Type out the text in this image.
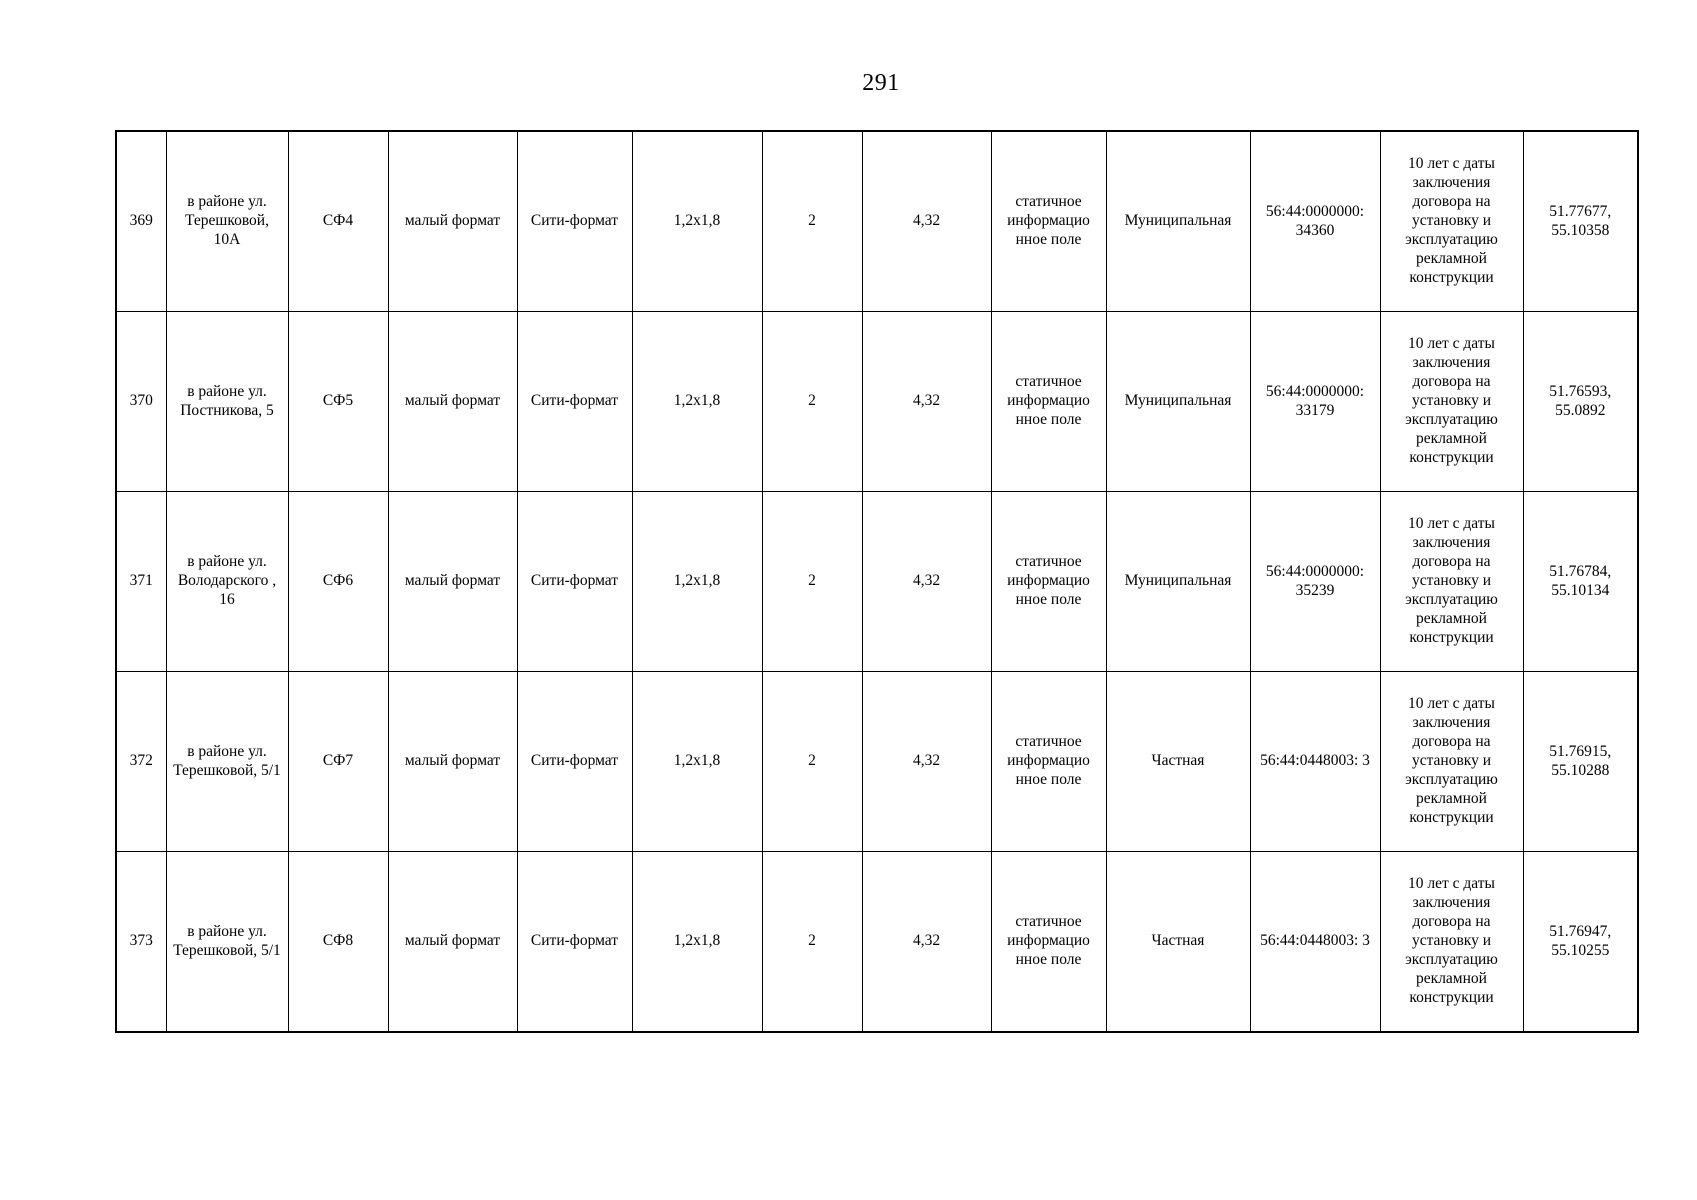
291
369	в районе ул. Терешковой, 10А	СФ4	малый формат	Сити-формат	1,2х1,8	2	4,32	статичное информацио нное поле	Муниципальная	56:44:0000000: 34360	10 лет с даты заключения договора на установку и эксплуатацию рекламной конструкции	51.77677, 55.10358
370	в районе ул. Постникова, 5	СФ5	малый формат	Сити-формат	1,2х1,8	2	4,32	статичное информацио нное поле	Муниципальная	56:44:0000000: 33179	10 лет с даты заключения договора на установку и эксплуатацию рекламной конструкции	51.76593, 55.0892
371	в районе ул. Володарского , 16	СФ6	малый формат	Сити-формат	1,2х1,8	2	4,32	статичное информацио нное поле	Муниципальная	56:44:0000000: 35239	10 лет с даты заключения договора на установку и эксплуатацию рекламной конструкции	51.76784, 55.10134
372	в районе ул. Терешковой, 5/1	СФ7	малый формат	Сити-формат	1,2х1,8	2	4,32	статичное информацио нное поле	Частная	56:44:0448003: 3	10 лет с даты заключения договора на установку и эксплуатацию рекламной конструкции	51.76915, 55.10288
373	в районе ул. Терешковой, 5/1	СФ8	малый формат	Сити-формат	1,2х1,8	2	4,32	статичное информацио нное поле	Частная	56:44:0448003: 3	10 лет с даты заключения договора на установку и эксплуатацию рекламной конструкции	51.76947, 55.10255
